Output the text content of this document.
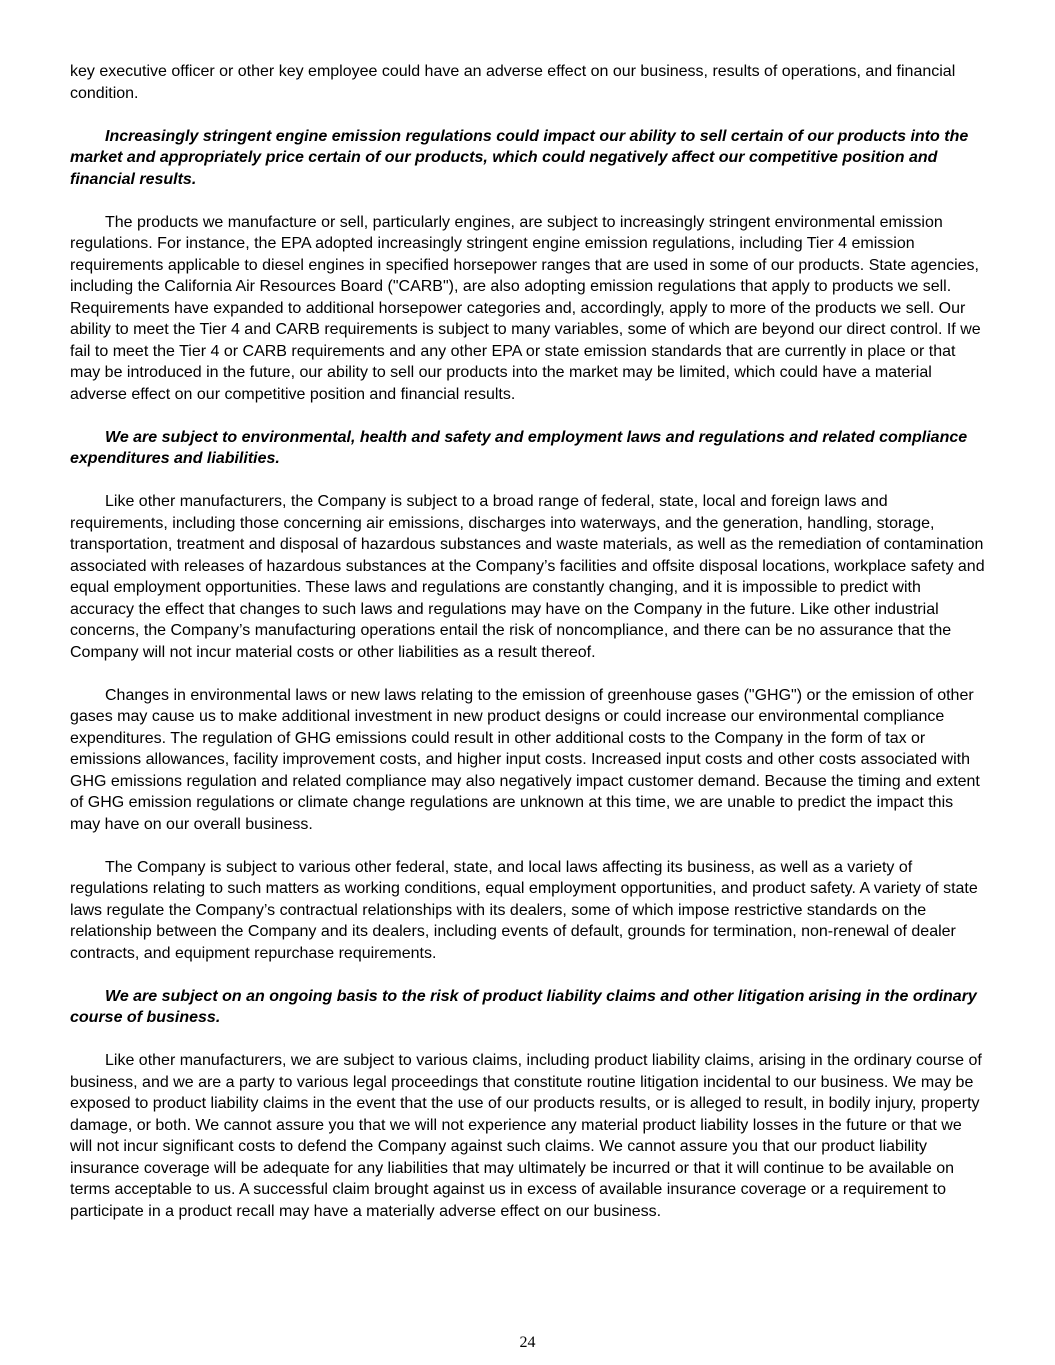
key executive officer or other key employee could have an adverse effect on our business, results of operations, and financial condition.

Increasingly stringent engine emission regulations could impact our ability to sell certain of our products into the market and appropriately price certain of our products, which could negatively affect our competitive position and financial results.

The products we manufacture or sell, particularly engines, are subject to increasingly stringent environmental emission regulations. For instance, the EPA adopted increasingly stringent engine emission regulations, including Tier 4 emission requirements applicable to diesel engines in specified horsepower ranges that are used in some of our products. State agencies, including the California Air Resources Board ("CARB"), are also adopting emission regulations that apply to products we sell.  Requirements have expanded to additional horsepower categories and, accordingly, apply to more of the products we sell. Our ability to meet the Tier 4 and CARB requirements is subject to many variables, some of which are beyond our direct control. If we fail to meet the Tier 4 or CARB requirements and any other EPA or state emission standards that are currently in place or that may be introduced in the future, our ability to sell our products into the market may be limited, which could have a material adverse effect on our competitive position and financial results.

We are subject to environmental, health and safety and employment laws and regulations and related compliance expenditures and liabilities.

Like other manufacturers, the Company is subject to a broad range of federal, state, local and foreign laws and requirements, including those concerning air emissions, discharges into waterways, and the generation, handling, storage, transportation, treatment and disposal of hazardous substances and waste materials, as well as the remediation of contamination associated with releases of hazardous substances at the Company’s facilities and offsite disposal locations, workplace safety and equal employment opportunities. These laws and regulations are constantly changing, and it is impossible to predict with accuracy the effect that changes to such laws and regulations may have on the Company in the future. Like other industrial concerns, the Company’s manufacturing operations entail the risk of noncompliance, and there can be no assurance that the Company will not incur material costs or other liabilities as a result thereof.

Changes in environmental laws or new laws relating to the emission of greenhouse gases ("GHG") or the emission of other gases may cause us to make additional investment in new product designs or could increase our environmental compliance expenditures. The regulation of GHG emissions could result in other additional costs to the Company in the form of tax or emissions allowances, facility improvement costs, and higher input costs. Increased input costs and other costs associated with GHG emissions regulation and related compliance may also negatively impact customer demand. Because the timing and extent of GHG emission regulations or climate change regulations are unknown at this time, we are unable to predict the impact this may have on our overall business.

The Company is subject to various other federal, state, and local laws affecting its business, as well as a variety of regulations relating to such matters as working conditions, equal employment opportunities, and product safety. A variety of state laws regulate the Company’s contractual relationships with its dealers, some of which impose restrictive standards on the relationship between the Company and its dealers, including events of default, grounds for termination, non-renewal of dealer contracts, and equipment repurchase requirements.

We are subject on an ongoing basis to the risk of product liability claims and other litigation arising in the ordinary course of business.

Like other manufacturers, we are subject to various claims, including product liability claims, arising in the ordinary course of business, and we are a party to various legal proceedings that constitute routine litigation incidental to our business. We may be exposed to product liability claims in the event that the use of our products results, or is alleged to result, in bodily injury, property damage, or both. We cannot assure you that we will not experience any material product liability losses in the future or that we will not incur significant costs to defend the Company against such claims. We cannot assure you that our product liability insurance coverage will be adequate for any liabilities that may ultimately be incurred or that it will continue to be available on terms acceptable to us. A successful claim brought against us in excess of available insurance coverage or a requirement to participate in a product recall may have a materially adverse effect on our business.

24
